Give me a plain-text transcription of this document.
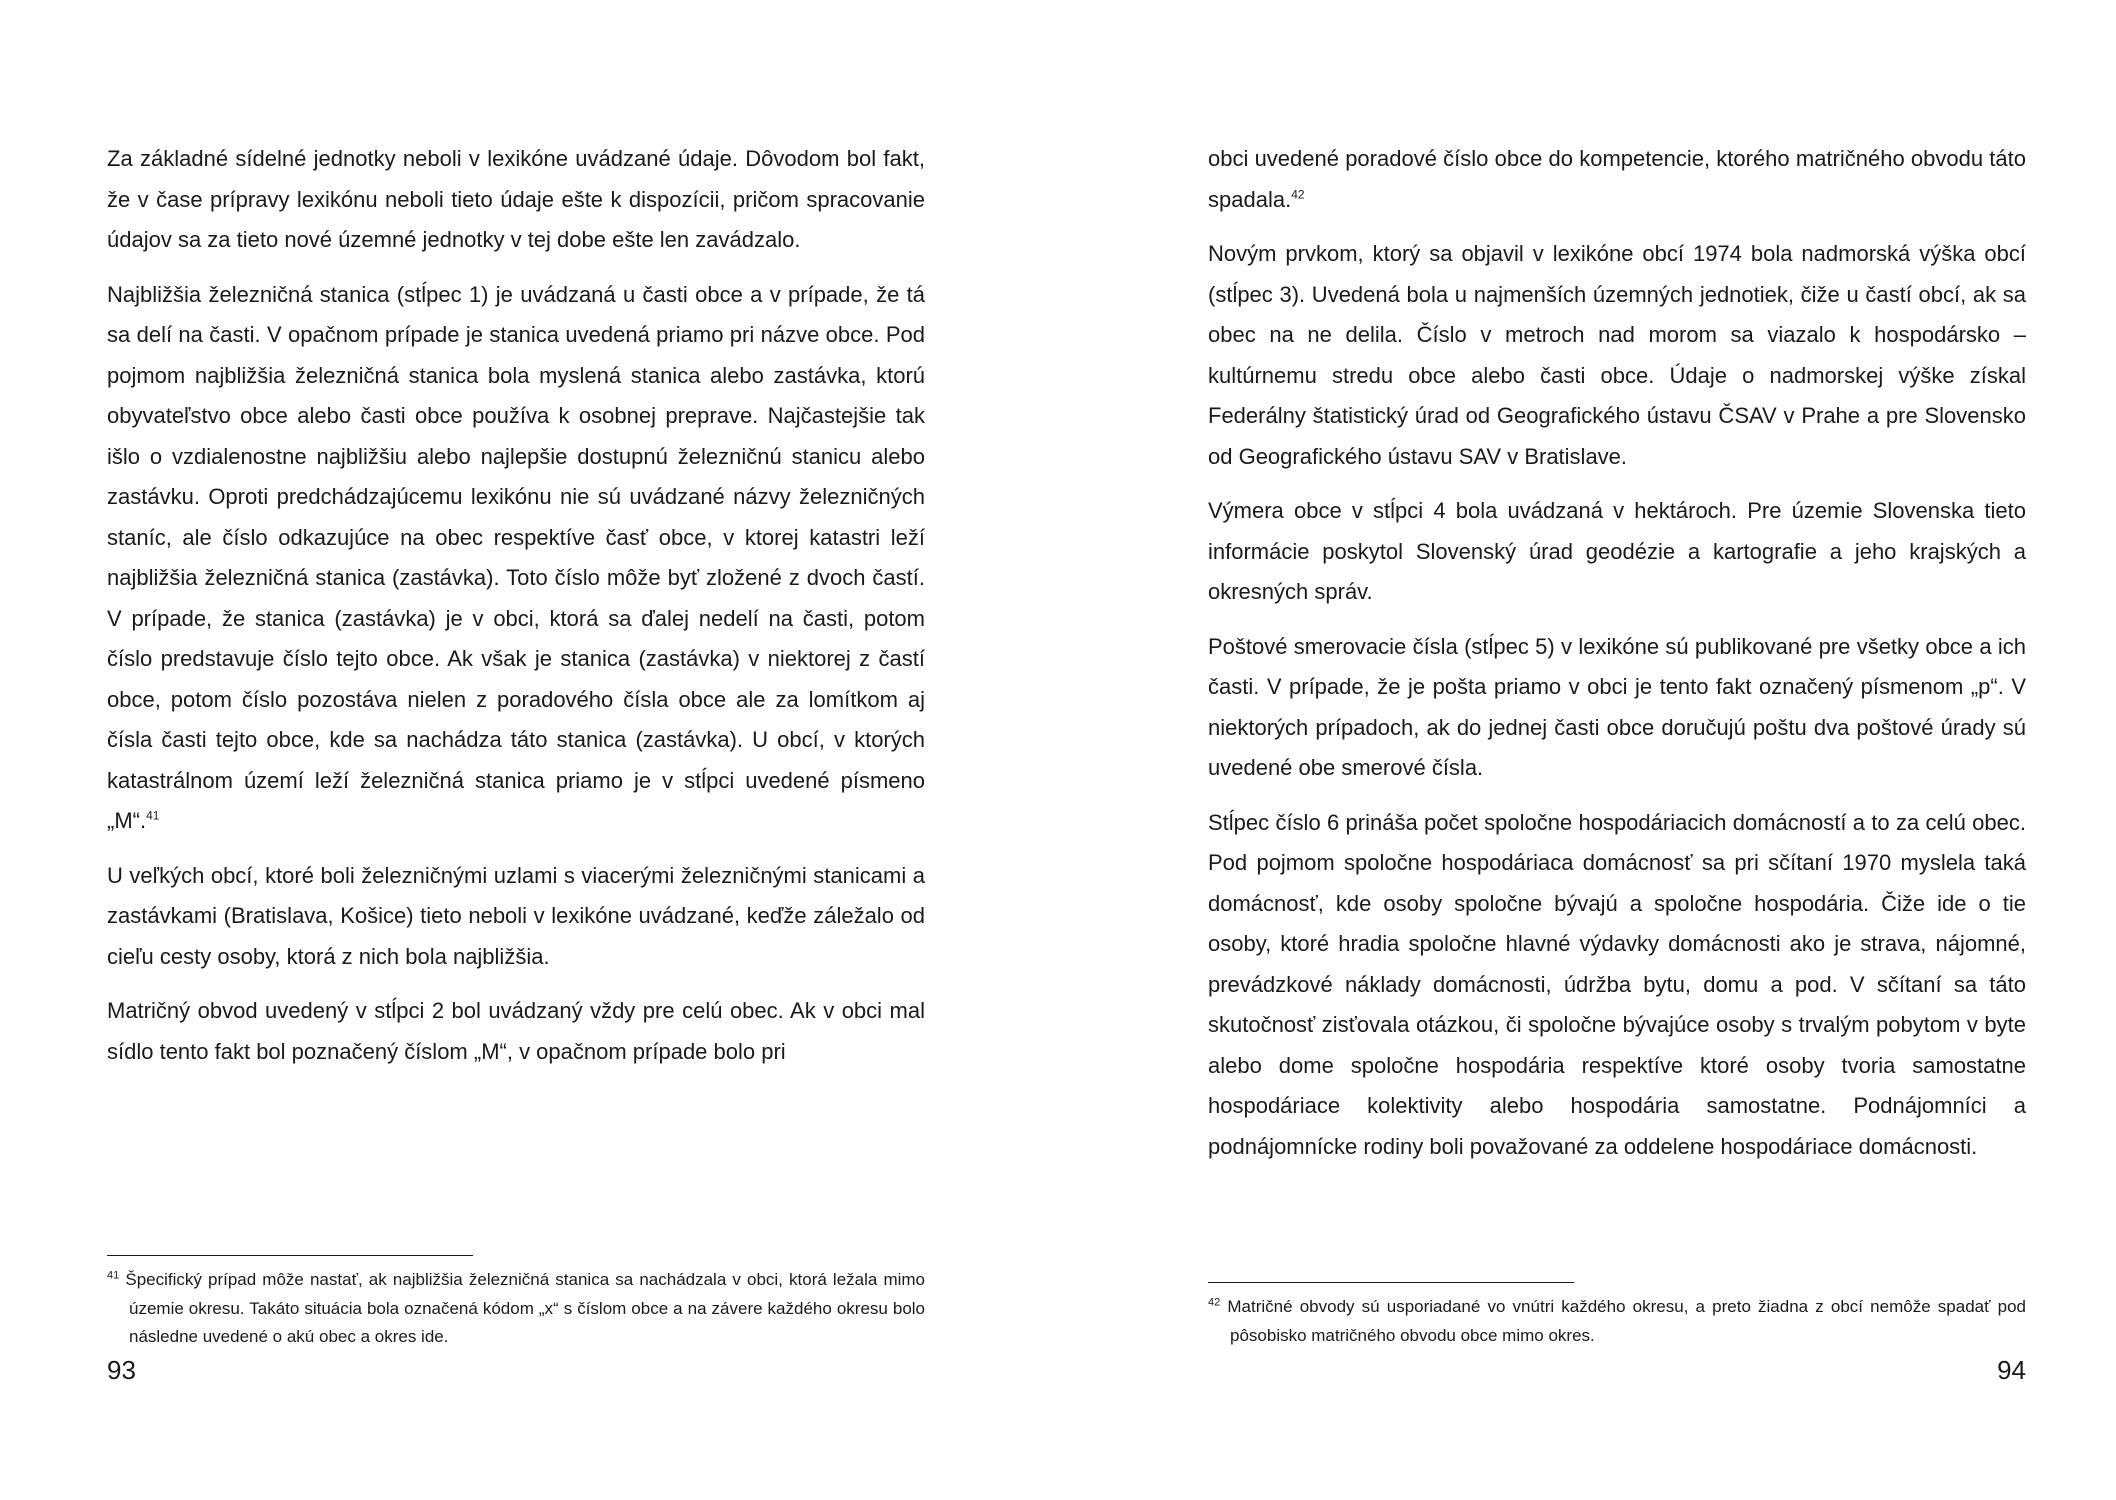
Za základné sídelné jednotky neboli v lexikóne uvádzané údaje. Dôvodom bol fakt, že v čase prípravy lexikónu neboli tieto údaje ešte k dispozícii, pričom spracovanie údajov sa za tieto nové územné jednotky v tej dobe ešte len zavádzalo.

Najbližšia železničná stanica (stĺpec 1) je uvádzaná u časti obce a v prípade, že tá sa delí na časti. V opačnom prípade je stanica uvedená priamo pri názve obce. Pod pojmom najbližšia železničná stanica bola myslená stanica alebo zastávka, ktorú obyvateľstvo obce alebo časti obce používa k osobnej preprave. Najčastejšie tak išlo o vzdialenostne najbližšiu alebo najlepšie dostupnú železničnú stanicu alebo zastávku. Oproti predchádzajúcemu lexikónu nie sú uvádzané názvy železničných staníc, ale číslo odkazujúce na obec respektíve časť obce, v ktorej katastri leží najbližšia železničná stanica (zastávka). Toto číslo môže byť zložené z dvoch častí. V prípade, že stanica (zastávka) je v obci, ktorá sa ďalej nedelí na časti, potom číslo predstavuje číslo tejto obce. Ak však je stanica (zastávka) v niektorej z častí obce, potom číslo pozostáva nielen z poradového čísla obce ale za lomítkom aj čísla časti tejto obce, kde sa nachádza táto stanica (zastávka). U obcí, v ktorých katastrálnom území leží železničná stanica priamo je v stĺpci uvedené písmeno „M“.$^{41}$

U veľkých obcí, ktoré boli železničnými uzlami s viacerými železničnými stanicami a zastávkami (Bratislava, Košice) tieto neboli v lexikóne uvádzané, keďže záležalo od cieľu cesty osoby, ktorá z nich bola najbližšia.

Matričný obvod uvedený v stĺpci 2 bol uvádzaný vždy pre celú obec. Ak v obci mal sídlo tento fakt bol poznačený číslom „M“, v opačnom prípade bolo pri

$^{41}$ Špecifický prípad môže nastať, ak najbližšia železničná stanica sa nachádzala v obci, ktorá ležala mimo územie okresu. Takáto situácia bola označená kódom „x“ s číslom obce a na závere každého okresu bolo následne uvedené o akú obec a okres ide.
93

obci uvedené poradové číslo obce do kompetencie, ktorého matričného obvodu táto spadala.$^{42}$

Novým prvkom, ktorý sa objavil v lexikóne obcí 1974 bola nadmorská výška obcí (stĺpec 3). Uvedená bola u najmenších územných jednotiek, čiže u častí obcí, ak sa obec na ne delila. Číslo v metroch nad morom sa viazalo k hospodársko – kultúrnemu stredu obce alebo časti obce. Údaje o nadmorskej výške získal Federálny štatistický úrad od Geografického ústavu ČSAV v Prahe a pre Slovensko od Geografického ústavu SAV v Bratislave.

Výmera obce v stĺpci 4 bola uvádzaná v hektároch. Pre územie Slovenska tieto informácie poskytol Slovenský úrad geodézie a kartografie a jeho krajských a okresných správ.

Poštové smerovacie čísla (stĺpec 5) v lexikóne sú publikované pre všetky obce a ich časti. V prípade, že je pošta priamo v obci je tento fakt označený písmenom „p“. V niektorých prípadoch, ak do jednej časti obce doručujú poštu dva poštové úrady sú uvedené obe smerové čísla.

Stĺpec číslo 6 prináša počet spoločne hospodáriacich domácností a to za celú obec. Pod pojmom spoločne hospodáriaca domácnosť sa pri sčítaní 1970 myslela taká domácnosť, kde osoby spoločne bývajú a spoločne hospodária. Čiže ide o tie osoby, ktoré hradia spoločne hlavné výdavky domácnosti ako je strava, nájomné, prevádzkové náklady domácnosti, údržba bytu, domu a pod. V sčítaní sa táto skutočnosť zisťovala otázkou, či spoločne bývajúce osoby s trvalým pobytom v byte alebo dome spoločne hospodária respektíve ktoré osoby tvoria samostatne hospodáriace kolektivity alebo hospodária samostatne. Podnájomníci a podnájomnícke rodiny boli považované za oddelene hospodáriace domácnosti.

$^{42}$ Matričné obvody sú usporiadané vo vnútri každého okresu, a preto žiadna z obcí nemôže spadať pod pôsobisko matričného obvodu obce mimo okres.
94
